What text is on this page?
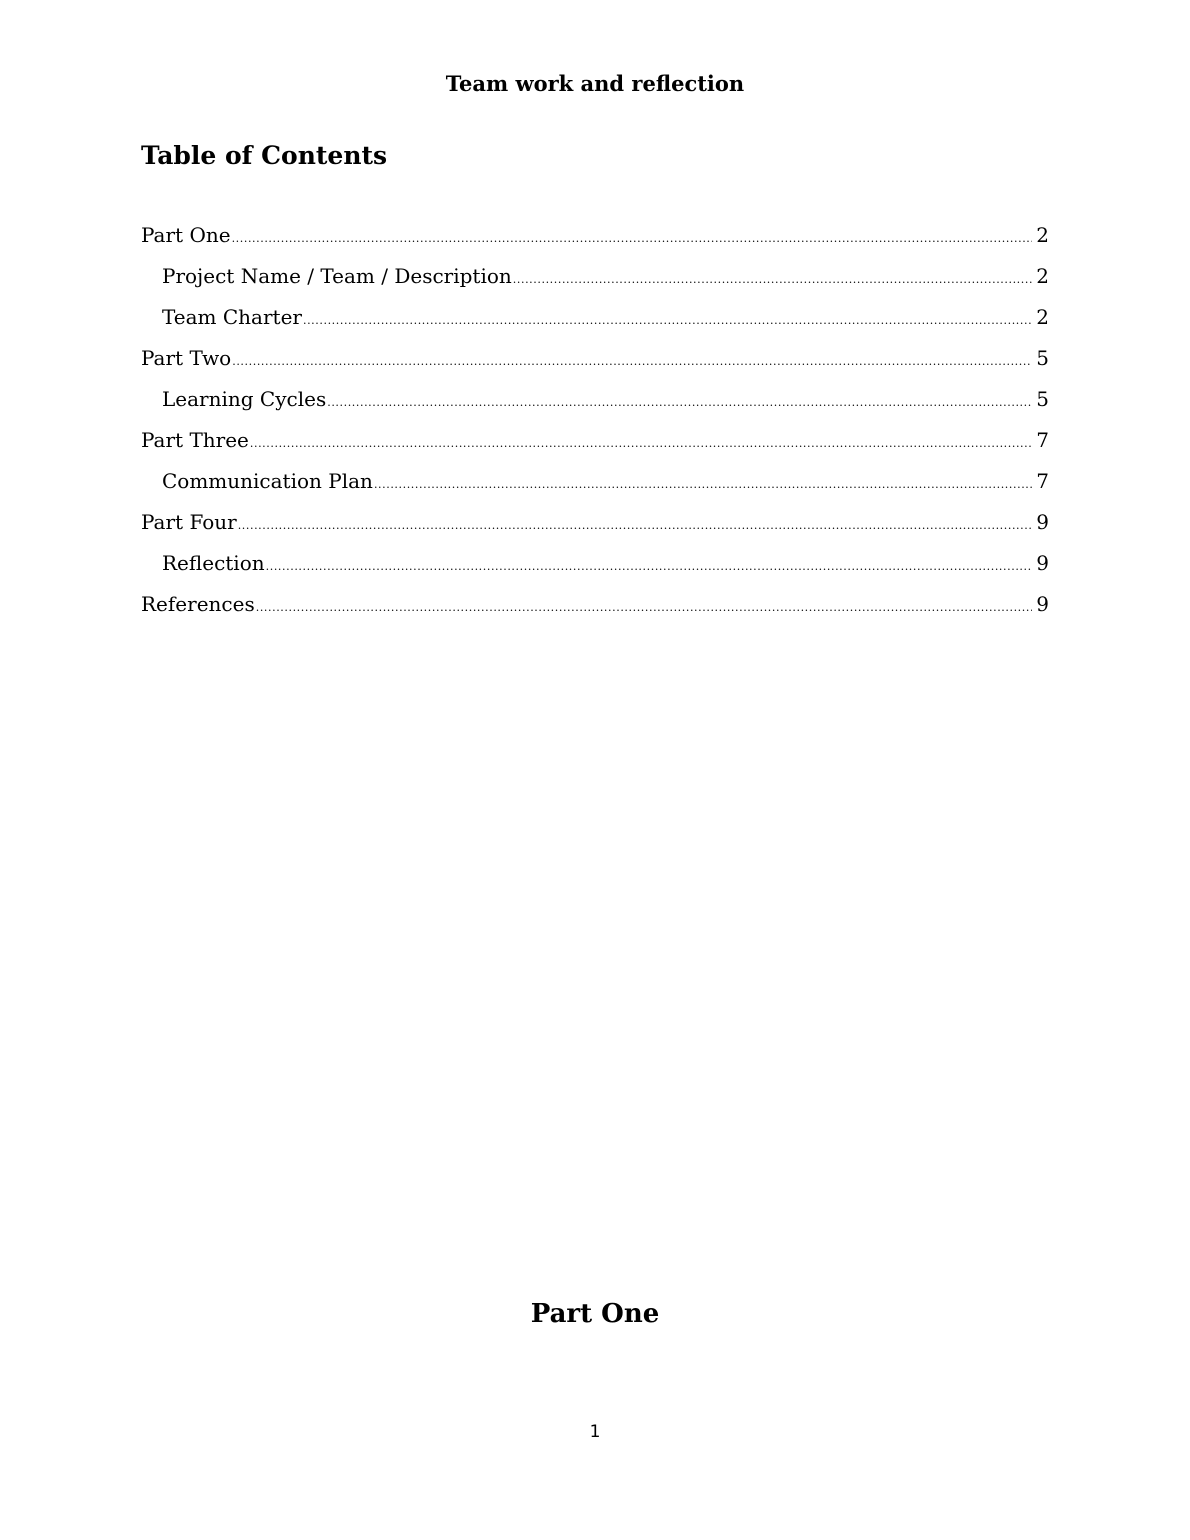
Team work and reflection
Table of Contents
Part One .....	2
Project Name / Team / Description .....	2
Team Charter .....	2
Part Two .....	5
Learning Cycles .....	5
Part Three .....	7
Communication Plan .....	7
Part Four .....	9
Reflection .....	9
References .....	9
Part One
1
